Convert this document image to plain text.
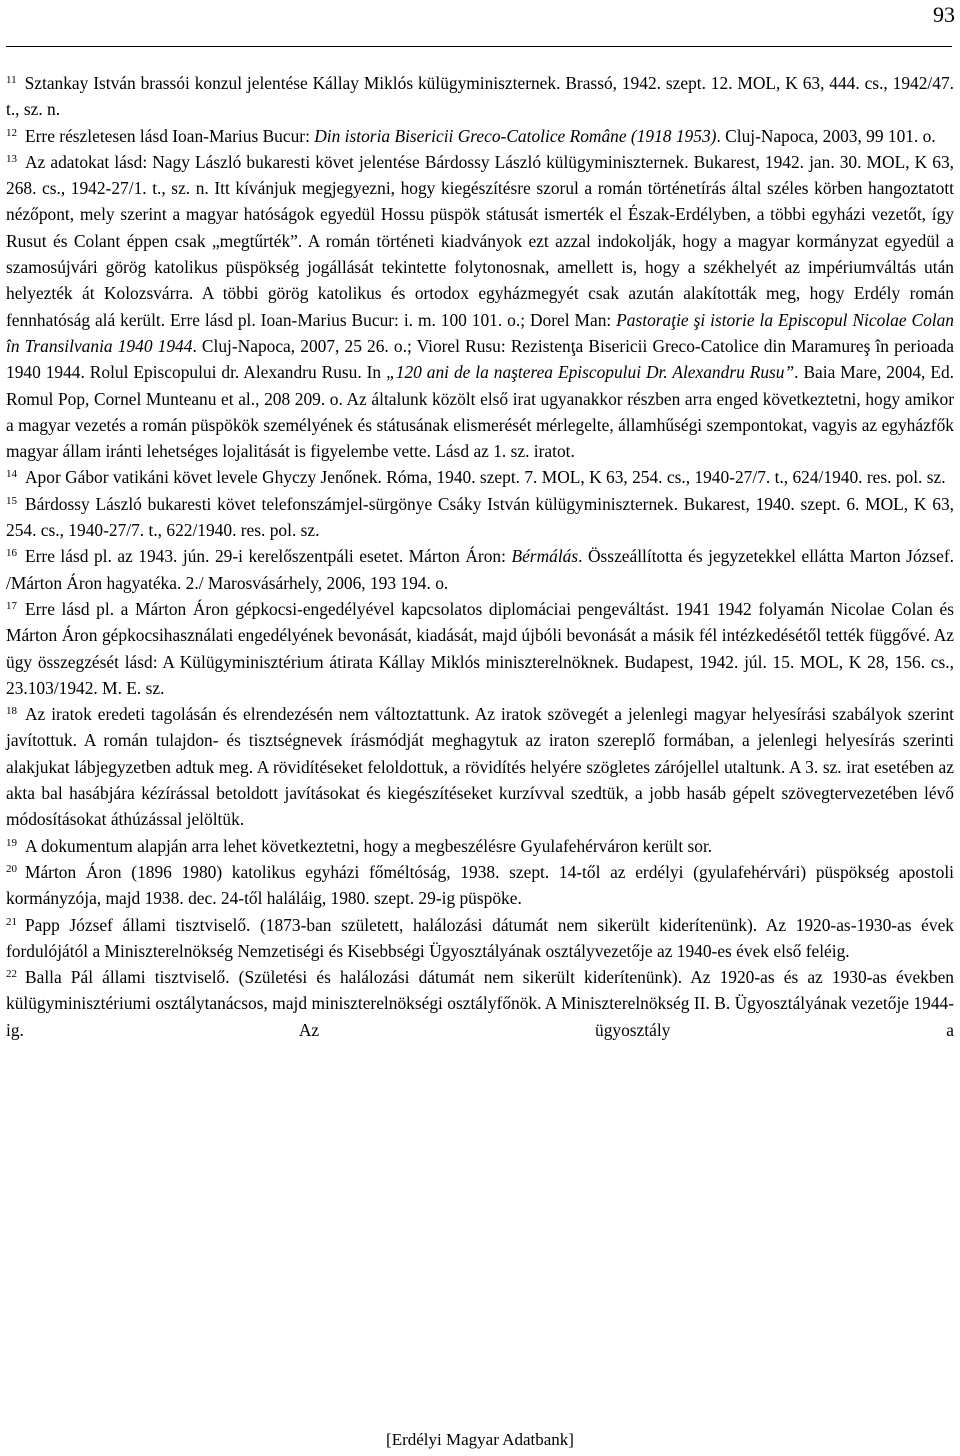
93

$^{11}$ Sztankay István brassói konzul jelentése Kállay Miklós külügyminiszternek. Brassó, 1942. szept. 12. MOL, K 63, 444. cs., 1942/47. t., sz. n.

$^{12}$ Erre részletesen lásd Ioan-Marius Bucur: Din istoria Bisericii Greco-Catolice Române (1918 1953). Cluj-Napoca, 2003, 99 101. o.

$^{13}$ Az adatokat lásd: Nagy László bukaresti követ jelentése Bárdossy László külügyminiszternek. Bukarest, 1942. jan. 30. MOL, K 63, 268. cs., 1942-27/1. t., sz. n. Itt kívánjuk megjegyezni, hogy kiegészítésre szorul a román történetírás által széles körben hangoztatott nézőpont, mely szerint a magyar hatóságok egyedül Hossu püspök státusát ismerték el Észak-Erdélyben, a többi egyházi vezetőt, így Rusut és Colant éppen csak „megtűrték”. A román történeti kiadványok ezt azzal indokolják, hogy a magyar kormányzat egyedül a szamosújvári görög katolikus püspökség jogállását tekintette folytonosnak, amellett is, hogy a székhelyét az impériumváltás után helyezték át Kolozsvárra. A többi görög katolikus és ortodox egyházmegyét csak azután alakították meg, hogy Erdély román fennhatóság alá került. Erre lásd pl. Ioan-Marius Bucur: i. m. 100 101. o.; Dorel Man: Pastoraţie şi istorie la Episcopul Nicolae Colan în Transilvania 1940 1944. Cluj-Napoca, 2007, 25 26. o.; Viorel Rusu: Rezistenţa Bisericii Greco-Catolice din Maramureş în perioada 1940 1944. Rolul Episcopului dr. Alexandru Rusu. In „120 ani de la naşterea Episcopului Dr. Alexandru Rusu”. Baia Mare, 2004, Ed. Romul Pop, Cornel Munteanu et al., 208 209. o. Az általunk közölt első irat ugyanakkor részben arra enged következtetni, hogy amikor a magyar vezetés a román püspökök személyének és státusának elismerését mérlegelte, államhűségi szempontokat, vagyis az egyházfők magyar állam iránti lehetséges lojalitását is figyelembe vette. Lásd az 1. sz. iratot.

$^{14}$ Apor Gábor vatikáni követ levele Ghyczy Jenőnek. Róma, 1940. szept. 7. MOL, K 63, 254. cs., 1940-27/7. t., 624/1940. res. pol. sz.

$^{15}$ Bárdossy László bukaresti követ telefonszámjel-sürgönye Csáky István külügyminiszternek. Bukarest, 1940. szept. 6. MOL, K 63, 254. cs., 1940-27/7. t., 622/1940. res. pol. sz.

$^{16}$ Erre lásd pl. az 1943. jún. 29-i kerelőszentpáli esetet. Márton Áron: Bérmálás. Összeállította és jegyzetekkel ellátta Marton József. /Márton Áron hagyatéka. 2./ Marosvásárhely, 2006, 193 194. o.

$^{17}$ Erre lásd pl. a Márton Áron gépkocsi-engedélyével kapcsolatos diplomáciai pengeváltást. 1941 1942 folyamán Nicolae Colan és Márton Áron gépkocsihasználati engedélyének bevonását, kiadását, majd újbóli bevonását a másik fél intézkedésétől tették függővé. Az ügy összegzését lásd: A Külügyminisztérium átirata Kállay Miklós miniszterelnöknek. Budapest, 1942. júl. 15. MOL, K 28, 156. cs., 23.103/1942. M. E. sz.

$^{18}$ Az iratok eredeti tagolásán és elrendezésén nem változtattunk. Az iratok szövegét a jelenlegi magyar helyesírási szabályok szerint javítottuk. A román tulajdon- és tisztségnevek írásmódját meghagytuk az iraton szereplő formában, a jelenlegi helyesírás szerinti alakjukat lábjegyzetben adtuk meg. A rövidítéseket feloldottuk, a rövidítés helyére szögletes zárójellel utaltunk. A 3. sz. irat esetében az akta bal hasábjára kézírással betoldott javításokat és kiegészítéseket kurzívval szedtük, a jobb hasáb gépelt szövegtervezetében lévő módosításokat áthúzással jelöltük.

$^{19}$ A dokumentum alapján arra lehet következtetni, hogy a megbeszélésre Gyulafehérváron került sor.

$^{20}$ Márton Áron (1896 1980) katolikus egyházi főméltóság, 1938. szept. 14-től az erdélyi (gyulafehérvári) püspökség apostoli kormányzója, majd 1938. dec. 24-től haláláig, 1980. szept. 29-ig püspöke.

$^{21}$ Papp József állami tisztviselő. (1873-ban született, halálozási dátumát nem sikerült kiderítenünk). Az 1920-as-1930-as évek fordulójától a Miniszterelnökség Nemzetiségi és Kisebbségi Ügyosztályának osztályvezetője az 1940-es évek első feléig.

$^{22}$ Balla Pál állami tisztviselő. (Születési és halálozási dátumát nem sikerült kiderítenünk). Az 1920-as és az 1930-as években külügyminisztériumi osztálytanácsos, majd miniszterelnökségi osztályfőnök. A Miniszterelnökség II. B. Ügyosztályának vezetője 1944-ig. Az ügyosztály a

[Erdélyi Magyar Adatbank]
